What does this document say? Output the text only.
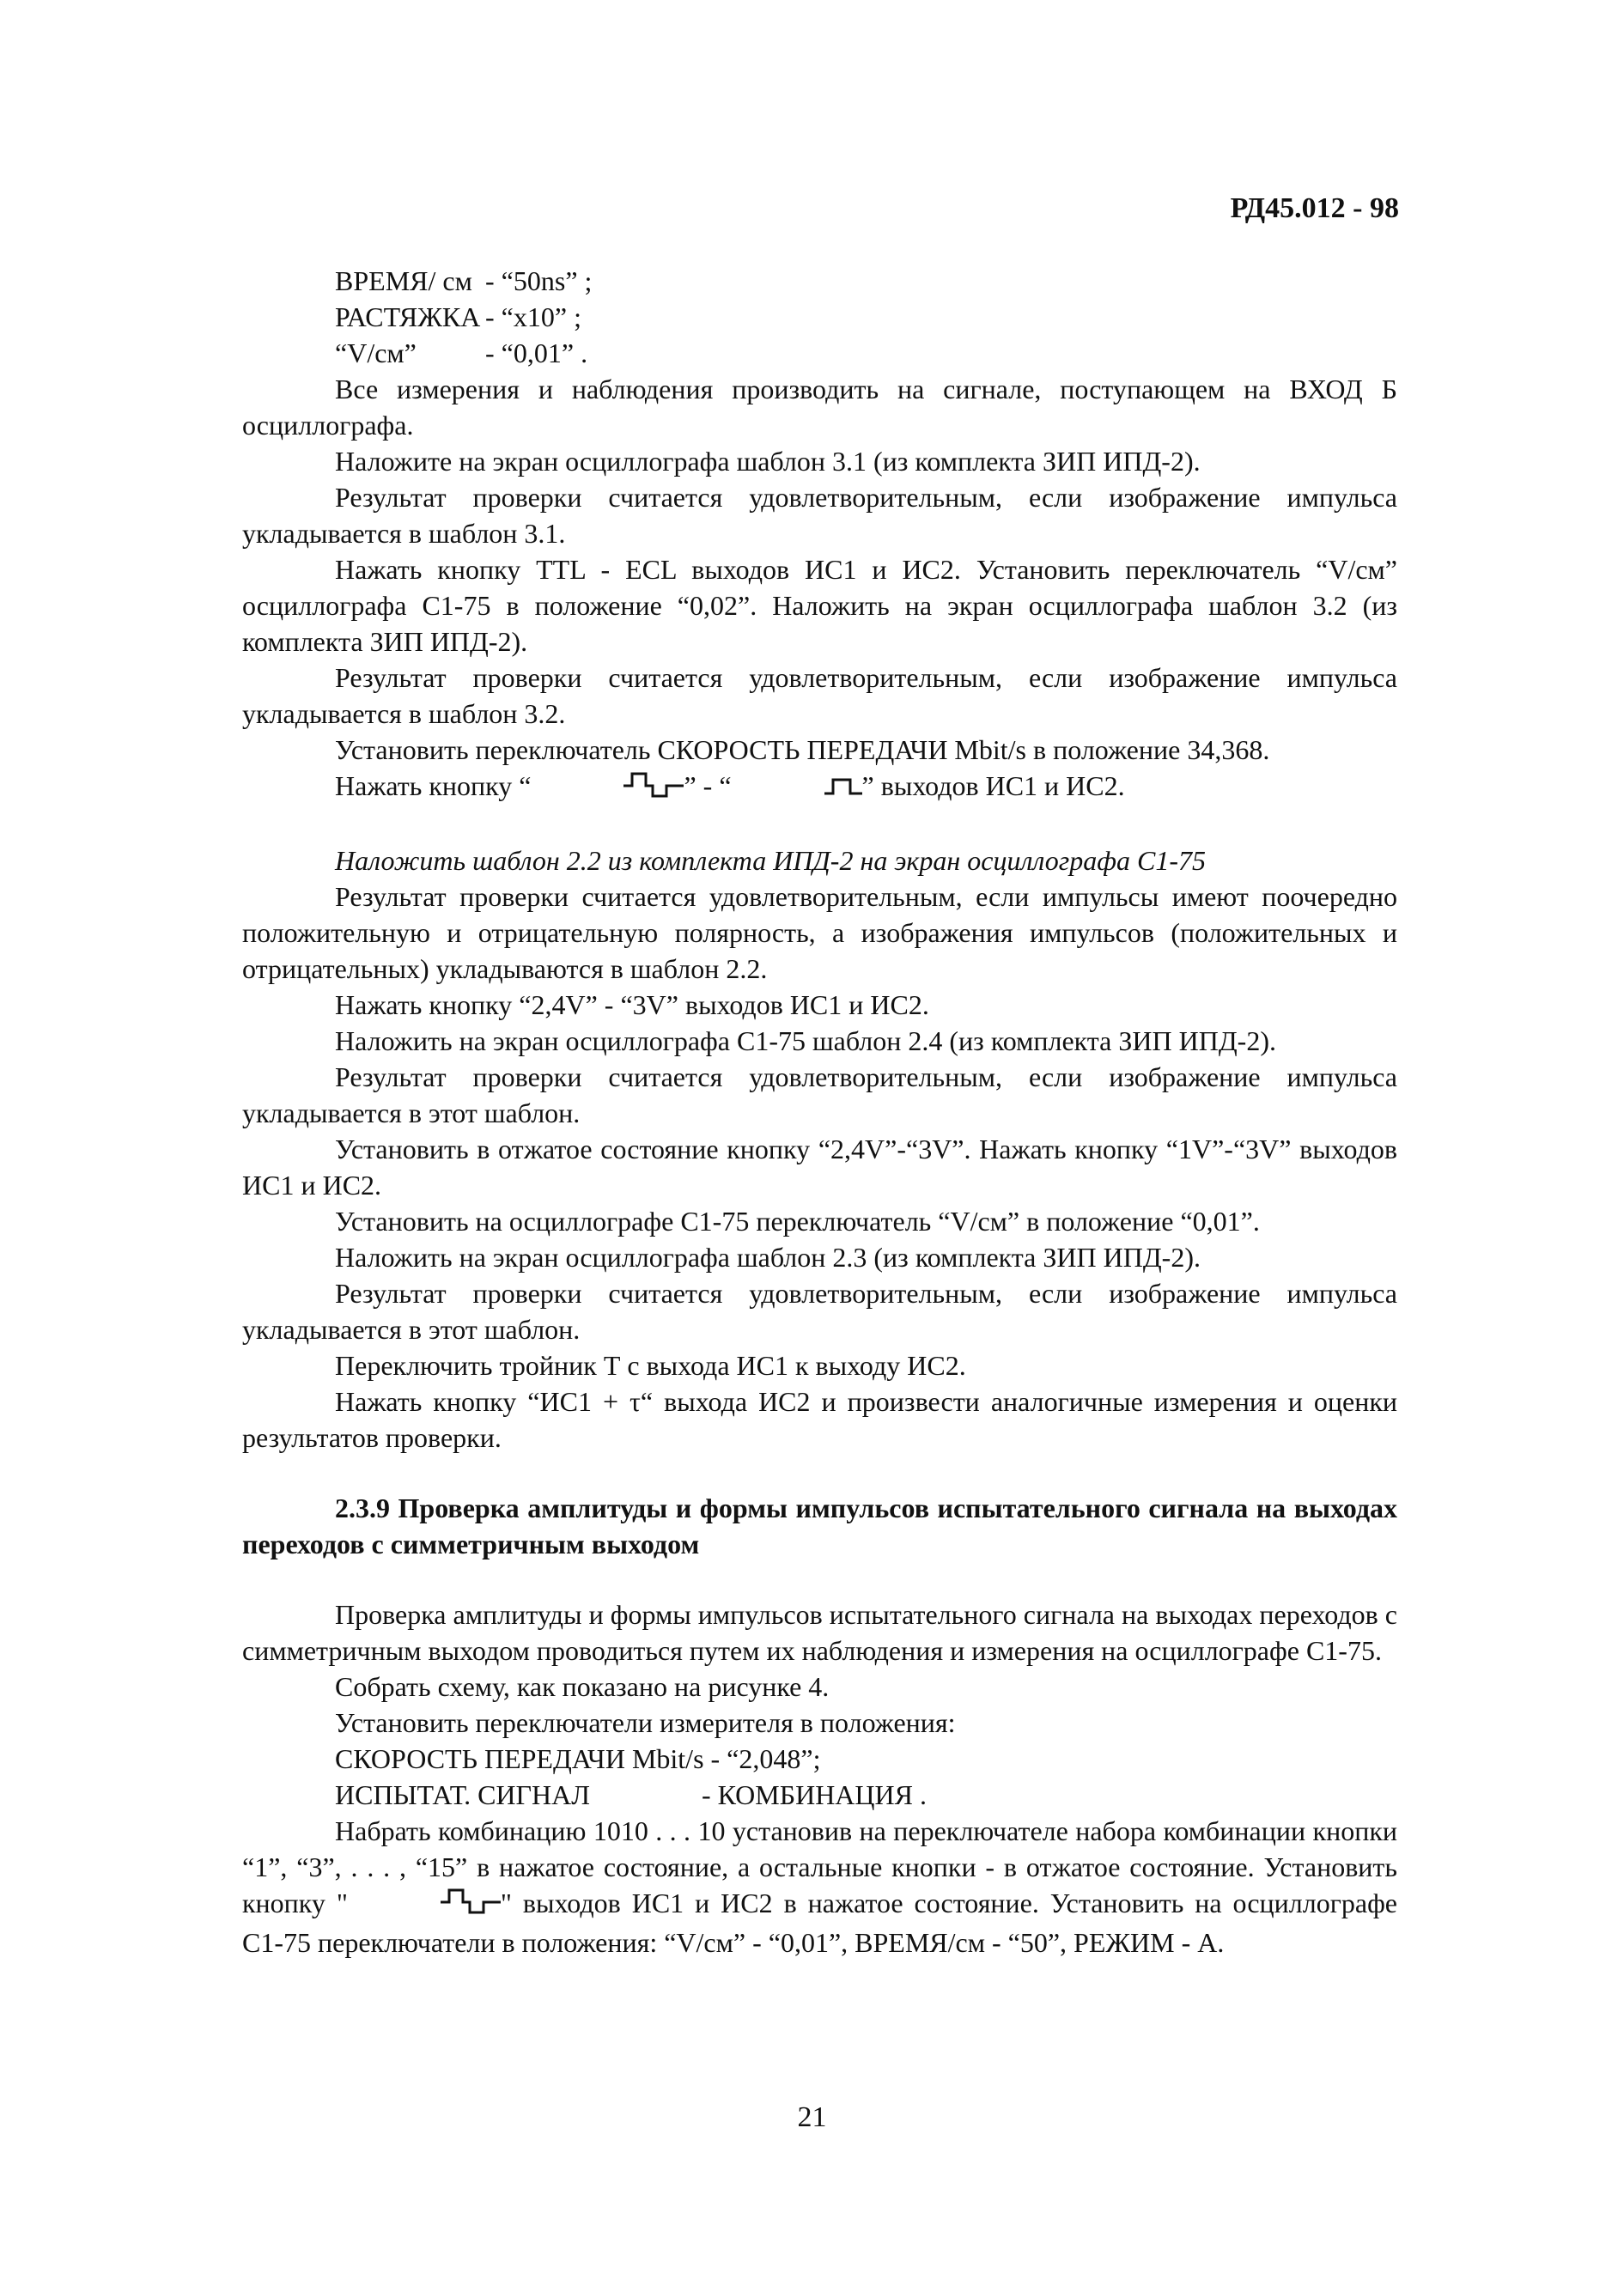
РД45.012 - 98
ВРЕМЯ/ см - “50ns” ;
РАСТЯЖКА - “x10” ;
“V/см”	- “0,01” .

Все измерения и наблюдения производить на сигнале, поступающем на ВХОД Б осциллографа.

Наложите на экран осциллографа шаблон 3.1 (из комплекта ЗИП ИПД-2).

Результат проверки считается удовлетворительным, если изображение импульса укладывается в шаблон 3.1.

Нажать кнопку TTL - ECL выходов ИС1 и ИС2. Установить переключатель “V/см” осциллографа С1-75 в положение “0,02”. Наложить на экран осциллографа шаблон 3.2 (из комплекта ЗИП ИПД-2).

Результат проверки считается удовлетворительным, если изображение импульса укладывается в шаблон 3.2.

Установить переключатель СКОРОСТЬ ПЕРЕДАЧИ Mbit/s в положение 34,368.

Нажать кнопку “	” - “	” выходов ИС1 и ИС2.

Наложить шаблон 2.2 из комплекта ИПД-2 на экран осциллографа С1-75

Результат проверки считается удовлетворительным, если импульсы имеют поочередно положительную и отрицательную полярность, а изображения импульсов (положительных и отрицательных) укладываются в шаблон 2.2.

Нажать кнопку “2,4V” - “3V” выходов ИС1 и ИС2.

Наложить на экран осциллографа С1-75 шаблон 2.4 (из комплекта ЗИП ИПД-2).

Результат проверки считается удовлетворительным, если изображение импульса укладывается в этот шаблон.

Установить в отжатое состояние кнопку “2,4V”-“3V”. Нажать кнопку “1V”-“3V” выходов ИС1 и ИС2.

Установить на осциллографе С1-75 переключатель “V/см” в положение “0,01”.

Наложить на экран осциллографа шаблон 2.3 (из комплекта ЗИП ИПД-2).

Результат проверки считается удовлетворительным, если изображение импульса укладывается в этот шаблон.

Переключить тройник Т с выхода ИС1 к выходу ИС2.

Нажать кнопку “ИС1 + τ“ выхода ИС2 и произвести аналогичные измерения и оценки результатов проверки.

2.3.9 Проверка амплитуды и формы импульсов испытательного сигнала на выходах переходов с симметричным выходом

Проверка амплитуды и формы импульсов испытательного сигнала на выходах переходов с симметричным выходом проводиться путем их наблюдения и измерения на осциллографе С1-75.

Собрать схему, как показано на рисунке 4.

Установить переключатели измерителя в положения:

СКОРОСТЬ ПЕРЕДАЧИ Mbit/s - “2,048”;
ИСПЫТАТ. СИГНАЛ	- КОМБИНАЦИЯ .

Набрать комбинацию 1010 . . . 10 установив на переключателе набора комбинации кнопки “1”, “3”, . . . , “15” в нажатое состояние, а остальные кнопки - в отжатое состояние. Установить кнопку "	" выходов ИС1 и ИС2 в нажатое состояние. Установить на осциллографе С1-75 переключатели в положения: “V/см” - “0,01”, ВРЕМЯ/см - “50”, РЕЖИМ - А.

21
